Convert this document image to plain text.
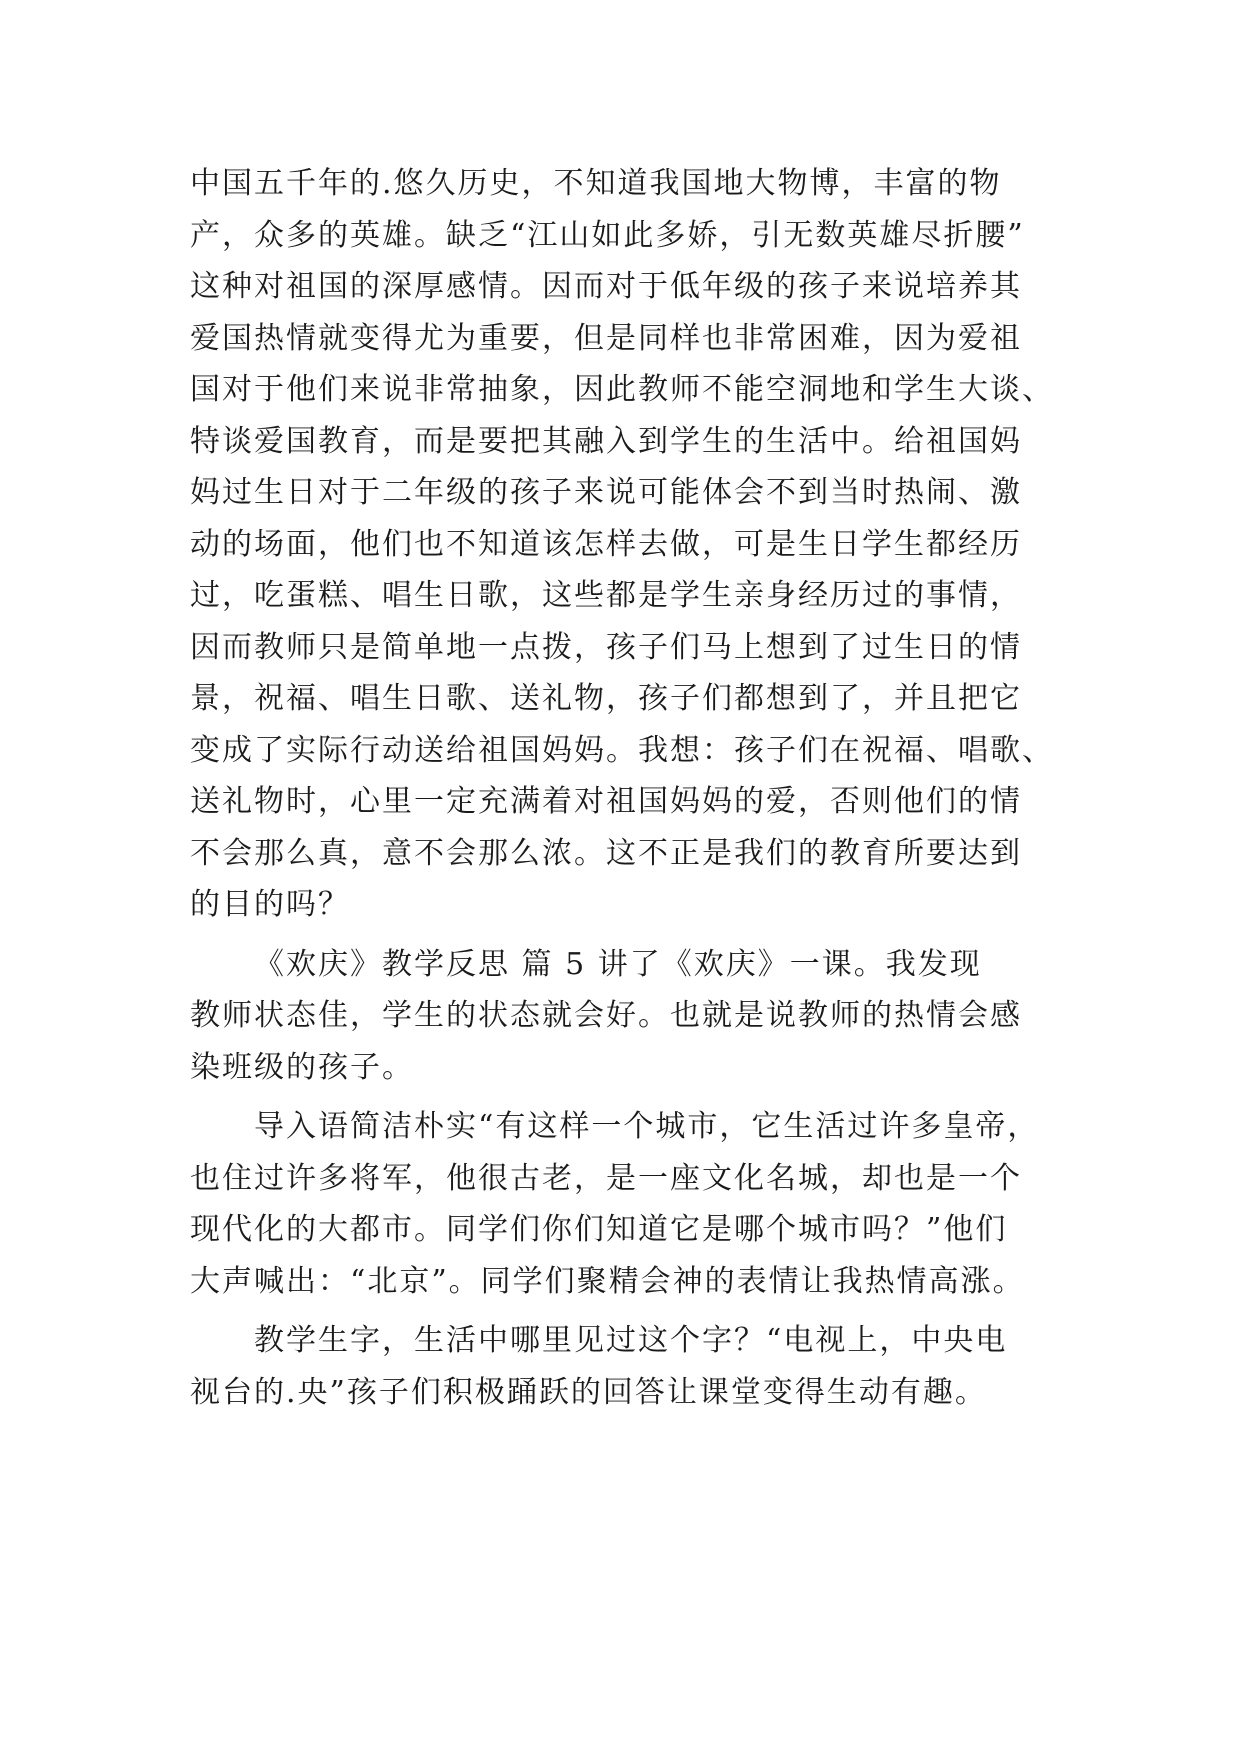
中国五千年的.悠久历史，不知道我国地大物博，丰富的物
产，众多的英雄。缺乏“江山如此多娇，引无数英雄尽折腰”
这种对祖国的深厚感情。因而对于低年级的孩子来说培养其
爱国热情就变得尤为重要，但是同样也非常困难，因为爱祖
国对于他们来说非常抽象，因此教师不能空洞地和学生大谈、
特谈爱国教育，而是要把其融入到学生的生活中。给祖国妈
妈过生日对于二年级的孩子来说可能体会不到当时热闹、激
动的场面，他们也不知道该怎样去做，可是生日学生都经历
过，吃蛋糕、唱生日歌，这些都是学生亲身经历过的事情，
因而教师只是简单地一点拨，孩子们马上想到了过生日的情
景，祝福、唱生日歌、送礼物，孩子们都想到了，并且把它
变成了实际行动送给祖国妈妈。我想：孩子们在祝福、唱歌、
送礼物时，心里一定充满着对祖国妈妈的爱，否则他们的情
不会那么真，意不会那么浓。这不正是我们的教育所要达到
的目的吗？
《欢庆》教学反思 篇 5 讲了《欢庆》一课。我发现
教师状态佳，学生的状态就会好。也就是说教师的热情会感
染班级的孩子。
导入语简洁朴实“有这样一个城市，它生活过许多皇帝，
也住过许多将军，他很古老，是一座文化名城，却也是一个
现代化的大都市。同学们你们知道它是哪个城市吗？”他们
大声喊出：“北京”。同学们聚精会神的表情让我热情高涨。
教学生字，生活中哪里见过这个字？“电视上，中央电
视台的.央”孩子们积极踊跃的回答让课堂变得生动有趣。
